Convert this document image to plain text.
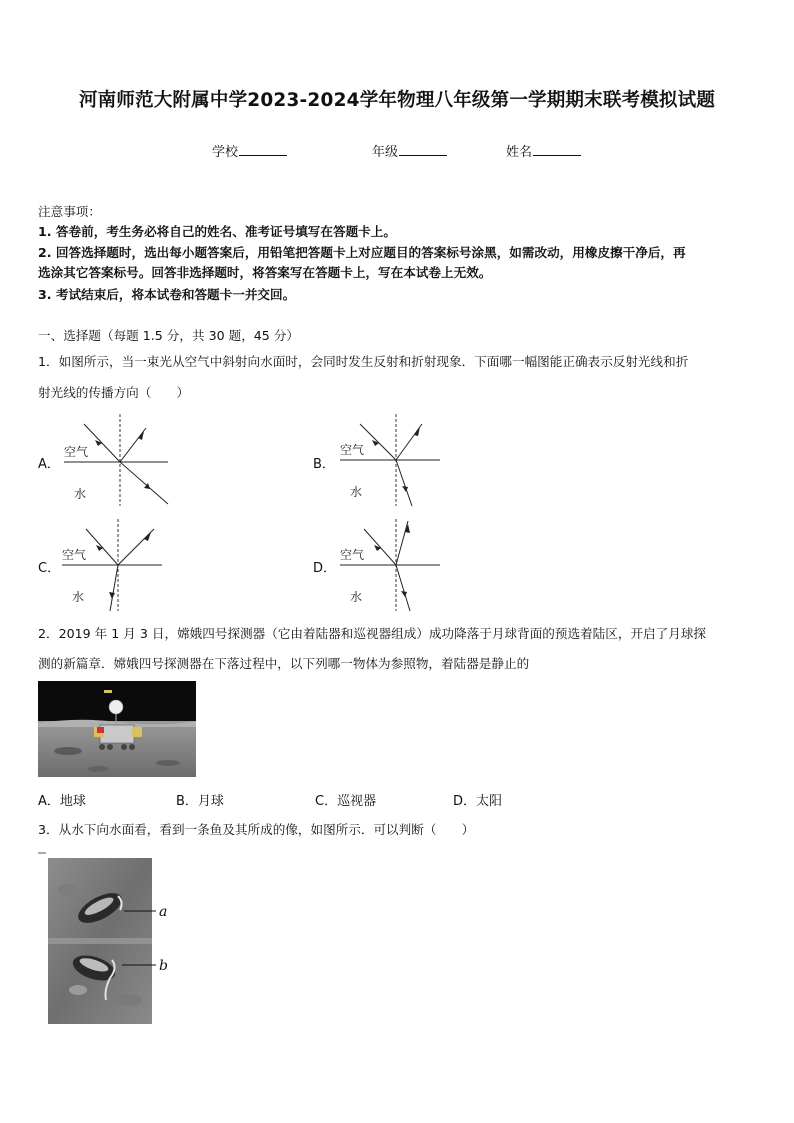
河南师范大附属中学2023-2024学年物理八年级第一学期期末联考模拟试题
学校	年级	姓名
注意事项：
1. 答卷前，考生务必将自己的姓名、准考证号填写在答题卡上。
2. 回答选择题时，选出每小题答案后，用铅笔把答题卡上对应题目的答案标号涂黑，如需改动，用橡皮擦干净后，再
选涂其它答案标号。回答非选择题时，将答案写在答题卡上，写在本试卷上无效。
3. 考试结束后，将本试卷和答题卡一并交回。
一、选择题（每题 1.5 分，共 30 题，45 分）
1．如图所示，当一束光从空气中斜射向水面时，会同时发生反射和折射现象．下面哪一幅图能正确表示反射光线和折
射光线的传播方向（　　）
A．
空气
水
B．
空气
水
C．
空气
水
D．
空气
水
2．2019 年 1 月 3 日，嫦娥四号探测器（它由着陆器和巡视器组成）成功降落于月球背面的预选着陆区，开启了月球探
测的新篇章．嫦娥四号探测器在下落过程中，以下列哪一物体为参照物，着陆器是静止的
A．地球	B．月球	C．巡视器	D．太阳
3．从水下向水面看，看到一条鱼及其所成的像，如图所示．可以判断（　　）
a
b
